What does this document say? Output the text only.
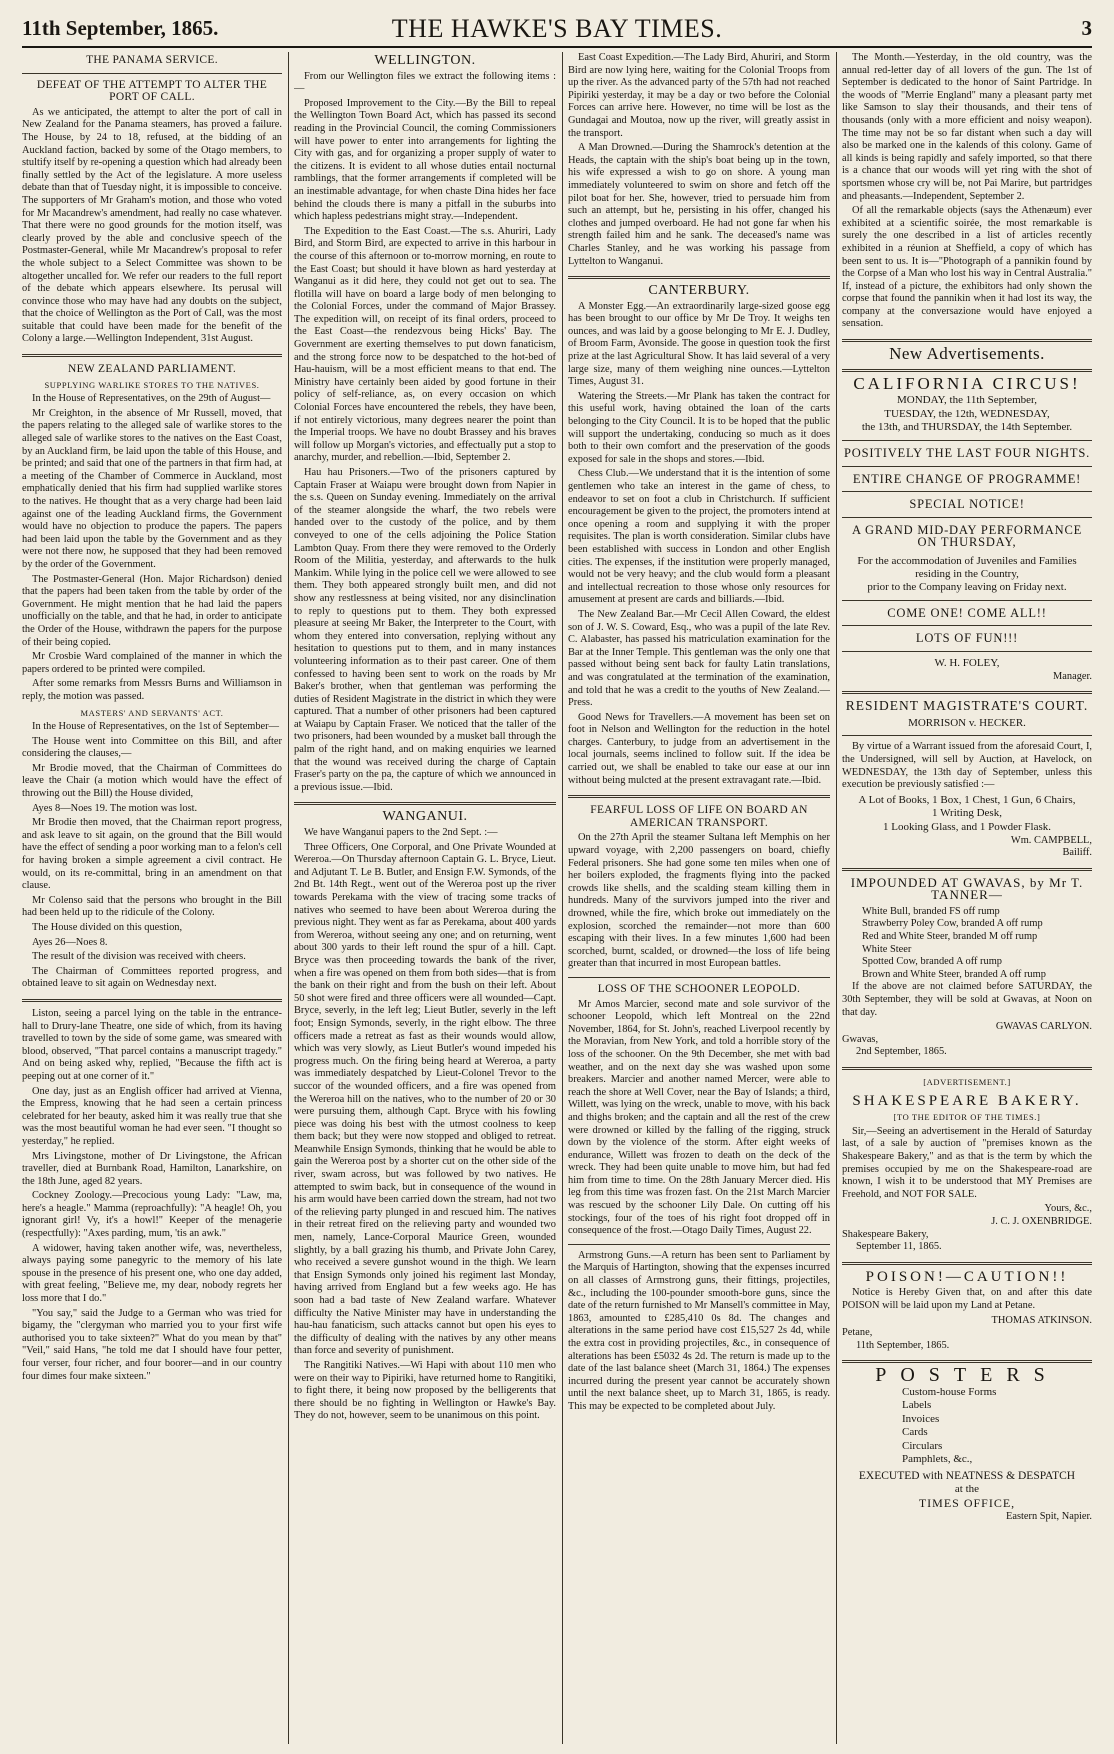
11th September, 1865.	THE HAWKE'S BAY TIMES.	3
THE PANAMA SERVICE.
DEFEAT OF THE ATTEMPT TO ALTER THE PORT OF CALL.

As we anticipated, the attempt to alter the port of call in New Zealand for the Panama steamers, has proved a failure. The House, by 24 to 18, refused, at the bidding of an Auckland faction, backed by some of the Otago members, to stultify itself by re-opening a question which had already been finally settled by the Act of the legislature. A more useless debate than that of Tuesday night, it is impossible to conceive. The supporters of Mr Graham's motion, and those who voted for Mr Macandrew's amendment, had really no case whatever. That there were no good grounds for the motion itself, was clearly proved by the able and conclusive speech of the Postmaster-General, while Mr Macandrew's proposal to refer the whole subject to a Select Committee was shown to be altogether uncalled for. We refer our readers to the full report of the debate which appears elsewhere. Its perusal will convince those who may have had any doubts on the subject, that the choice of Wellington as the Port of Call, was the most suitable that could have been made for the benefit of the Colony a large.—Wellington Independent, 31st August.

NEW ZEALAND PARLIAMENT.
SUPPLYING WARLIKE STORES TO THE NATIVES.

In the House of Representatives, on the 29th of August—

Mr Creighton, in the absence of Mr Russell, moved, that the papers relating to the alleged sale of warlike stores to the alleged sale of warlike stores to the natives on the East Coast, by an Auckland firm, be laid upon the table of this House, and be printed; and said that one of the partners in that firm had, at a meeting of the Chamber of Commerce in Auckland, most emphatically denied that his firm had supplied warlike stores to the natives. He thought that as a very charge had been laid against one of the leading Auckland firms, the Government would have no objection to produce the papers. The papers had been laid upon the table by the Government and as they were not there now, he supposed that they had been removed by the order of the Government.

The Postmaster-General (Hon. Major Richardson) denied that the papers had been taken from the table by order of the Government. He might mention that he had laid the papers unofficially on the table, and that he had, in order to anticipate the Order of the House, withdrawn the papers for the purpose of their being copied.

Mr Crosbie Ward complained of the manner in which the papers ordered to be printed were compiled.

After some remarks from Messrs Burns and Williamson in reply, the motion was passed.

MASTERS' AND SERVANTS' ACT.

In the House of Representatives, on the 1st of September—

The House went into Committee on this Bill, and after considering the clauses,—

Mr Brodie moved, that the Chairman of Committees do leave the Chair (a motion which would have the effect of throwing out the Bill) the House divided,

Ayes 8—Noes 19. The motion was lost.

Mr Brodie then moved, that the Chairman report progress, and ask leave to sit again, on the ground that the Bill would have the effect of sending a poor working man to a felon's cell for having broken a simple agreement a civil contract. He would, on its re-committal, bring in an amendment on that clause.

Mr Colenso said that the persons who brought in the Bill had been held up to the ridicule of the Colony.

The House divided on this question,

Ayes 26—Noes 8.

The result of the division was received with cheers.

The Chairman of Committees reported progress, and obtained leave to sit again on Wednesday next.

Liston, seeing a parcel lying on the table in the entrance-hall to Drury-lane Theatre, one side of which, from its having travelled to town by the side of some game, was smeared with blood, observed, "That parcel contains a manuscript tragedy." And on being asked why, replied, "Because the fifth act is peeping out at one corner of it."

One day, just as an English officer had arrived at Vienna, the Empress, knowing that he had seen a certain princess celebrated for her beauty, asked him it was really true that she was the most beautiful woman he had ever seen. "I thought so yesterday," he replied.

Mrs Livingstone, mother of Dr Livingstone, the African traveller, died at Burnbank Road, Hamilton, Lanarkshire, on the 18th June, aged 82 years.

Cockney Zoology.—Precocious young Lady: "Law, ma, here's a heagle." Mamma (reproachfully): "A heagle! Oh, you ignorant girl! Vy, it's a howl!" Keeper of the menagerie (respectfully): "Axes parding, mum, 'tis an awk."

A widower, having taken another wife, was, nevertheless, always paying some panegyric to the memory of his late spouse in the presence of his present one, who one day added, with great feeling, "Believe me, my dear, nobody regrets her loss more that I do."

"You say," said the Judge to a German who was tried for bigamy, the "clergyman who married you to your first wife authorised you to take sixteen?" What do you mean by that" "Veil," said Hans, "he told me dat I should have four petter, four verser, four richer, and four boorer—and in our country four dimes four make sixteen."

WELLINGTON.

From our Wellington files we extract the following items :—

Proposed Improvement to the City.—By the Bill to repeal the Wellington Town Board Act, which has passed its second reading in the Provincial Council, the coming Commissioners will have power to enter into arrangements for lighting the City with gas, and for organizing a proper supply of water to the citizens. It is evident to all whose duties entail nocturnal ramblings, that the former arrangements if completed will be an inestimable advantage, for when chaste Dina hides her face behind the clouds there is many a pitfall in the suburbs into which hapless pedestrians might stray.—Independent.

The Expedition to the East Coast.—The s.s. Ahuriri, Lady Bird, and Storm Bird, are expected to arrive in this harbour in the course of this afternoon or to-morrow morning, en route to the East Coast; but should it have blown as hard yesterday at Wanganui as it did here, they could not get out to sea. The flotilla will have on board a large body of men belonging to the Colonial Forces, under the command of Major Brassey. The expedition will, on receipt of its final orders, proceed to the East Coast—the rendezvous being Hicks' Bay. The Government are exerting themselves to put down fanaticism, and the strong force now to be despatched to the hot-bed of Hau-hauism, will be a most efficient means to that end. The Ministry have certainly been aided by good fortune in their policy of self-reliance, as, on every occasion on which Colonial Forces have encountered the rebels, they have been, if not entirely victorious, many degrees nearer the point than the Imperial troops. We have no doubt Brassey and his braves will follow up Morgan's victories, and effectually put a stop to anarchy, murder, and rebellion.—Ibid, September 2.

Hau hau Prisoners.—Two of the prisoners captured by Captain Fraser at Waiapu were brought down from Napier in the s.s. Queen on Sunday evening. Immediately on the arrival of the steamer alongside the wharf, the two rebels were handed over to the custody of the police, and by them conveyed to one of the cells adjoining the Police Station Lambton Quay. From there they were removed to the Orderly Room of the Militia, yesterday, and afterwards to the hulk Mankim. While lying in the police cell we were allowed to see them. They both appeared strongly built men, and did not show any restlessness at being visited, nor any disinclination to reply to questions put to them. They both expressed pleasure at seeing Mr Baker, the Interpreter to the Court, with whom they entered into conversation, replying without any hesitation to questions put to them, and in many instances volunteering information as to their past career. One of them confessed to having been sent to work on the roads by Mr Baker's brother, when that gentleman was performing the duties of Resident Magistrate in the district in which they were captured. That a number of other prisoners had been captured at Waiapu by Captain Fraser. We noticed that the taller of the two prisoners, had been wounded by a musket ball through the palm of the right hand, and on making enquiries we learned that the wound was received during the charge of Captain Fraser's party on the pa, the capture of which we announced in a previous issue.—Ibid.

WANGANUI.

We have Wanganui papers to the 2nd Sept. :—

Three Officers, One Corporal, and One Private Wounded at Wereroa.—On Thursday afternoon Captain G. L. Bryce, Lieut. and Adjutant T. Le B. Butler, and Ensign F.W. Symonds, of the 2nd Bt. 14th Regt., went out of the Wereroa post up the river towards Perekama with the view of tracing some tracks of natives who seemed to have been about Wereroa during the previous night. They went as far as Perekama, about 400 yards from Wereroa, without seeing any one; and on returning, went about 300 yards to their left round the spur of a hill. Capt. Bryce was then proceeding towards the bank of the river, when a fire was opened on them from both sides—that is from the bank on their right and from the bush on their left. About 50 shot were fired and three officers were all wounded—Capt. Bryce, severly, in the left leg; Lieut Butler, severly in the left foot; Ensign Symonds, severly, in the right elbow. The three officers made a retreat as fast as their wounds would allow, which was very slowly, as Lieut Butler's wound impeded his progress much. On the firing being heard at Wereroa, a party was immediately despatched by Lieut-Colonel Trevor to the succor of the wounded officers, and a fire was opened from the Wereroa hill on the natives, who to the number of 20 or 30 were pursuing them, although Capt. Bryce with his fowling piece was doing his best with the utmost coolness to keep them back; but they were now stopped and obliged to retreat. Meanwhile Ensign Symonds, thinking that he would be able to gain the Wereroa post by a shorter cut on the other side of the river, swam across, but was followed by two natives. He attempted to swim back, but in consequence of the wound in his arm would have been carried down the stream, had not two of the relieving party plunged in and rescued him. The natives in their retreat fired on the relieving party and wounded two men, namely, Lance-Corporal Maurice Green, wounded slightly, by a ball grazing his thumb, and Private John Carey, who received a severe gunshot wound in the thigh. We learn that Ensign Symonds only joined his regiment last Monday, having arrived from England but a few weeks ago. He has soon had a bad taste of New Zealand warfare. Whatever difficulty the Native Minister may have in understanding the hau-hau fanaticism, such attacks cannot but open his eyes to the difficulty of dealing with the natives by any other means than force and severity of punishment.

The Rangitiki Natives.—Wi Hapi with about 110 men who were on their way to Pipiriki, have returned home to Rangitiki, to fight there, it being now proposed by the belligerents that there should be no fighting in Wellington or Hawke's Bay. They do not, however, seem to be unanimous on this point.

East Coast Expedition.—The Lady Bird, Ahuriri, and Storm Bird are now lying here, waiting for the Colonial Troops from up the river. As the advanced party of the 57th had not reached Pipiriki yesterday, it may be a day or two before the Colonial Forces can arrive here. However, no time will be lost as the Gundagai and Moutoa, now up the river, will greatly assist in the transport.

A Man Drowned.—During the Shamrock's detention at the Heads, the captain with the ship's boat being up in the town, his wife expressed a wish to go on shore. A young man immediately volunteered to swim on shore and fetch off the pilot boat for her. She, however, tried to persuade him from such an attempt, but he, persisting in his offer, changed his clothes and jumped overboard. He had not gone far when his strength failed him and he sank. The deceased's name was Charles Stanley, and he was working his passage from Lyttelton to Wanganui.

CANTERBURY.

A Monster Egg.—An extraordinarily large-sized goose egg has been brought to our office by Mr De Troy. It weighs ten ounces, and was laid by a goose belonging to Mr E. J. Dudley, of Broom Farm, Avonside. The goose in question took the first prize at the last Agricultural Show. It has laid several of a very large size, many of them weighing nine ounces.—Lyttelton Times, August 31.

Watering the Streets.—Mr Plank has taken the contract for this useful work, having obtained the loan of the carts belonging to the City Council. It is to be hoped that the public will support the undertaking, conducing so much as it does both to their own comfort and the preservation of the goods exposed for sale in the shops and stores.—Ibid.

Chess Club.—We understand that it is the intention of some gentlemen who take an interest in the game of chess, to endeavor to set on foot a club in Christchurch. If sufficient encouragement be given to the project, the promoters intend at once opening a room and supplying it with the proper requisites. The plan is worth consideration. Similar clubs have been established with success in London and other English cities. The expenses, if the institution were properly managed, would not be very heavy; and the club would form a pleasant and intellectual recreation to those whose only resources for amusement at present are cards and billiards.—Ibid.

The New Zealand Bar.—Mr Cecil Allen Coward, the eldest son of J. W. S. Coward, Esq., who was a pupil of the late Rev. C. Alabaster, has passed his matriculation examination for the Bar at the Inner Temple. This gentleman was the only one that passed without being sent back for faulty Latin translations, and was congratulated at the termination of the examination, and told that he was a credit to the youths of New Zealand.—Press.

Good News for Travellers.—A movement has been set on foot in Nelson and Wellington for the reduction in the hotel charges. Canterbury, to judge from an advertisement in the local journals, seems inclined to follow suit. If the idea be carried out, we shall be enabled to take our ease at our inn without being mulcted at the present extravagant rate.—Ibid.

FEARFUL LOSS OF LIFE ON BOARD AN AMERICAN TRANSPORT.

On the 27th April the steamer Sultana left Memphis on her upward voyage, with 2,200 passengers on board, chiefly Federal prisoners. She had gone some ten miles when one of her boilers exploded, the fragments flying into the packed crowds like shells, and the scalding steam killing them in hundreds. Many of the survivors jumped into the river and drowned, while the fire, which broke out immediately on the explosion, scorched the remainder—not more than 600 escaping with their lives. In a few minutes 1,600 had been scorched, burnt, scalded, or drowned—the loss of life being greater than that incurred in most European battles.

LOSS OF THE SCHOONER LEOPOLD.

Mr Amos Marcier, second mate and sole survivor of the schooner Leopold, which left Montreal on the 22nd November, 1864, for St. John's, reached Liverpool recently by the Moravian, from New York, and told a horrible story of the loss of the schooner. On the 9th December, she met with bad weather, and on the next day she was washed upon some breakers. Marcier and another named Mercer, were able to reach the shore at Well Cover, near the Bay of Islands; a third, Willett, was lying on the wreck, unable to move, with his back and thighs broken; and the captain and all the rest of the crew were drowned or killed by the falling of the rigging, struck down by the violence of the storm. After eight weeks of endurance, Willett was frozen to death on the deck of the wreck. They had been quite unable to move him, but had fed him from time to time. On the 28th January Mercer died. His leg from this time was frozen fast. On the 21st March Marcier was rescued by the schooner Lily Dale. On cutting off his stockings, four of the toes of his right foot dropped off in consequence of the frost.—Otago Daily Times, August 22.

Armstrong Guns.—A return has been sent to Parliament by the Marquis of Hartington, showing that the expenses incurred on all classes of Armstrong guns, their fittings, projectiles, &c., including the 100-pounder smooth-bore guns, since the date of the return furnished to Mr Mansell's committee in May, 1863, amounted to £285,410 0s 8d. The changes and alterations in the same period have cost £15,527 2s 4d, while the extra cost in providing projectiles, &c., in consequence of alterations has been £5032 4s 2d. The return is made up to the date of the last balance sheet (March 31, 1864.) The expenses incurred during the present year cannot be accurately shown until the next balance sheet, up to March 31, 1865, is ready. This may be expected to be completed about July.

The Month.—Yesterday, in the old country, was the annual red-letter day of all lovers of the gun. The 1st of September is dedicated to the honor of Saint Partridge. In the woods of "Merrie England" many a pleasant party met like Samson to slay their thousands, and their tens of thousands (only with a more efficient and noisy weapon). The time may not be so far distant when such a day will also be marked one in the kalends of this colony. Game of all kinds is being rapidly and safely imported, so that there is a chance that our woods will yet ring with the shot of sportsmen whose cry will be, not Pai Marire, but partridges and pheasants.—Independent, September 2.

Of all the remarkable objects (says the Athenæum) ever exhibited at a scientific soirée, the most remarkable is surely the one described in a list of articles recently exhibited in a réunion at Sheffield, a copy of which has been sent to us. It is—"Photograph of a pannikin found by the Corpse of a Man who lost his way in Central Australia." If, instead of a picture, the exhibitors had only shown the corpse that found the pannikin when it had lost its way, the company at the conversazione would have enjoyed a sensation.

New Advertisements.
CALIFORNIA CIRCUS!
MONDAY, the 11th September,
TUESDAY, the 12th, WEDNESDAY,
the 13th, and THURSDAY, the 14th September.
POSITIVELY THE LAST FOUR NIGHTS.
ENTIRE CHANGE OF PROGRAMME!
SPECIAL NOTICE!
A GRAND MID-DAY PERFORMANCE ON THURSDAY,
For the accommodation of Juveniles and Families residing in the Country,
prior to the Company leaving on Friday next.
COME ONE! COME ALL!!
LOTS OF FUN!!!
W. H. FOLEY,
Manager.
RESIDENT MAGISTRATE'S COURT.
MORRISON v. HECKER.

By virtue of a Warrant issued from the aforesaid Court, I, the Undersigned, will sell by Auction, at Havelock, on WEDNESDAY, the 13th day of September, unless this execution be previously satisfied :—

A Lot of Books, 1 Box, 1 Chest, 1 Gun, 6 Chairs,
1 Writing Desk,
1 Looking Glass, and 1 Powder Flask.
Wm. CAMPBELL,
Bailiff.
IMPOUNDED AT GWAVAS, by Mr T. TANNER—
White Bull, branded FS off rump
Strawberry Poley Cow, branded A off rump
Red and White Steer, branded M off rump
White Steer
Spotted Cow, branded A off rump
Brown and White Steer, branded A off rump

If the above are not claimed before SATURDAY, the 30th September, they will be sold at Gwavas, at Noon on that day.

GWAVAS CARLYON.
Gwavas,
2nd September, 1865.
[ADVERTISEMENT.]
SHAKESPEARE BAKERY.
[TO THE EDITOR OF THE TIMES.]

Sir,—Seeing an advertisement in the Herald of Saturday last, of a sale by auction of "premises known as the Shakespeare Bakery," and as that is the term by which the premises occupied by me on the Shakespeare-road are known, I wish it to be understood that MY Premises are Freehold, and NOT FOR SALE.

Yours, &c.,
J. C. J. OXENBRIDGE.
Shakespeare Bakery,
September 11, 1865.
POISON!—CAUTION!!

Notice is Hereby Given that, on and after this date POISON will be laid upon my Land at Petane.

THOMAS ATKINSON.
Petane,
11th September, 1865.
POSTERS
Custom-house Forms
Labels
Invoices
Cards
Circulars
Pamphlets, &c.,
EXECUTED with NEATNESS & DESPATCH
at the
TIMES OFFICE,
Eastern Spit, Napier.
